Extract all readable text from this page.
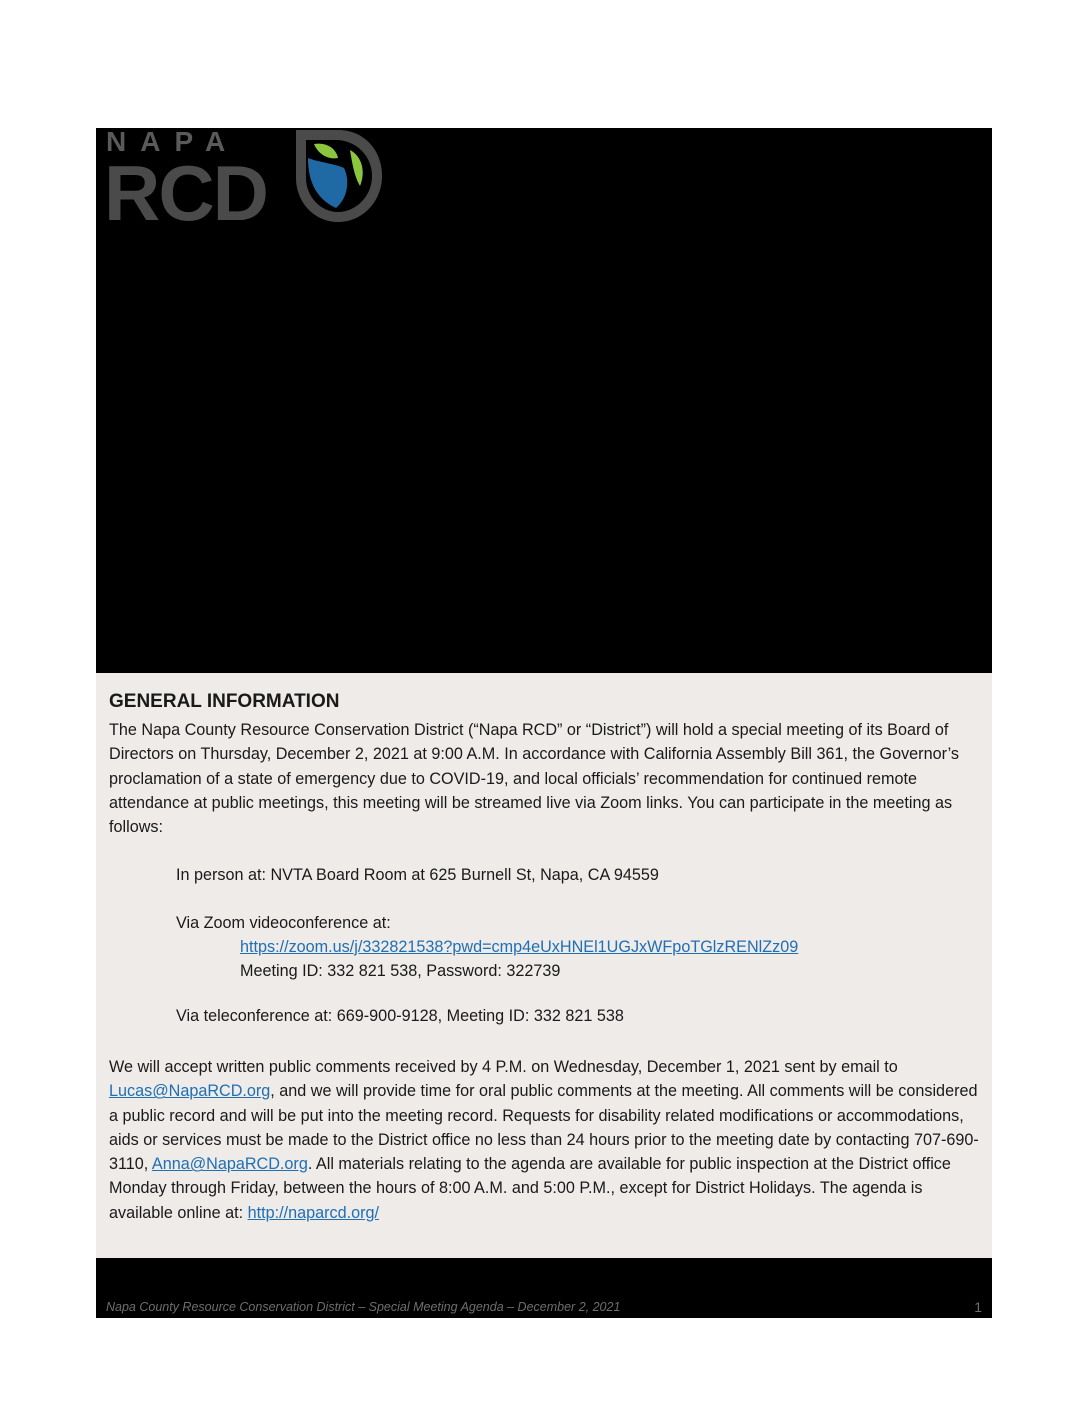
NAPA
RCD
GENERAL INFORMATION
The Napa County Resource Conservation District (“Napa RCD” or “District”) will hold a special meeting of its Board of Directors on Thursday, December 2, 2021 at 9:00 A.M. In accordance with California Assembly Bill 361, the Governor’s proclamation of a state of emergency due to COVID-19, and local officials’ recommendation for continued remote attendance at public meetings, this meeting will be streamed live via Zoom links. You can participate in the meeting as follows:
In person at: NVTA Board Room at 625 Burnell St, Napa, CA 94559
Via Zoom videoconference at:
https://zoom.us/j/332821538?pwd=cmp4eUxHNEl1UGJxWFpoTGlzRENlZz09
Meeting ID: 332 821 538, Password: 322739
Via teleconference at: 669-900-9128, Meeting ID: 332 821 538
We will accept written public comments received by 4 P.M. on Wednesday, December 1, 2021 sent by email to Lucas@NapaRCD.org, and we will provide time for oral public comments at the meeting. All comments will be considered a public record and will be put into the meeting record. Requests for disability related modifications or accommodations, aids or services must be made to the District office no less than 24 hours prior to the meeting date by contacting 707-690-3110, Anna@NapaRCD.org. All materials relating to the agenda are available for public inspection at the District office Monday through Friday, between the hours of 8:00 A.M. and 5:00 P.M., except for District Holidays. The agenda is available online at: http://naparcd.org/
Napa County Resource Conservation District – Special Meeting Agenda – December 2, 2021	1
